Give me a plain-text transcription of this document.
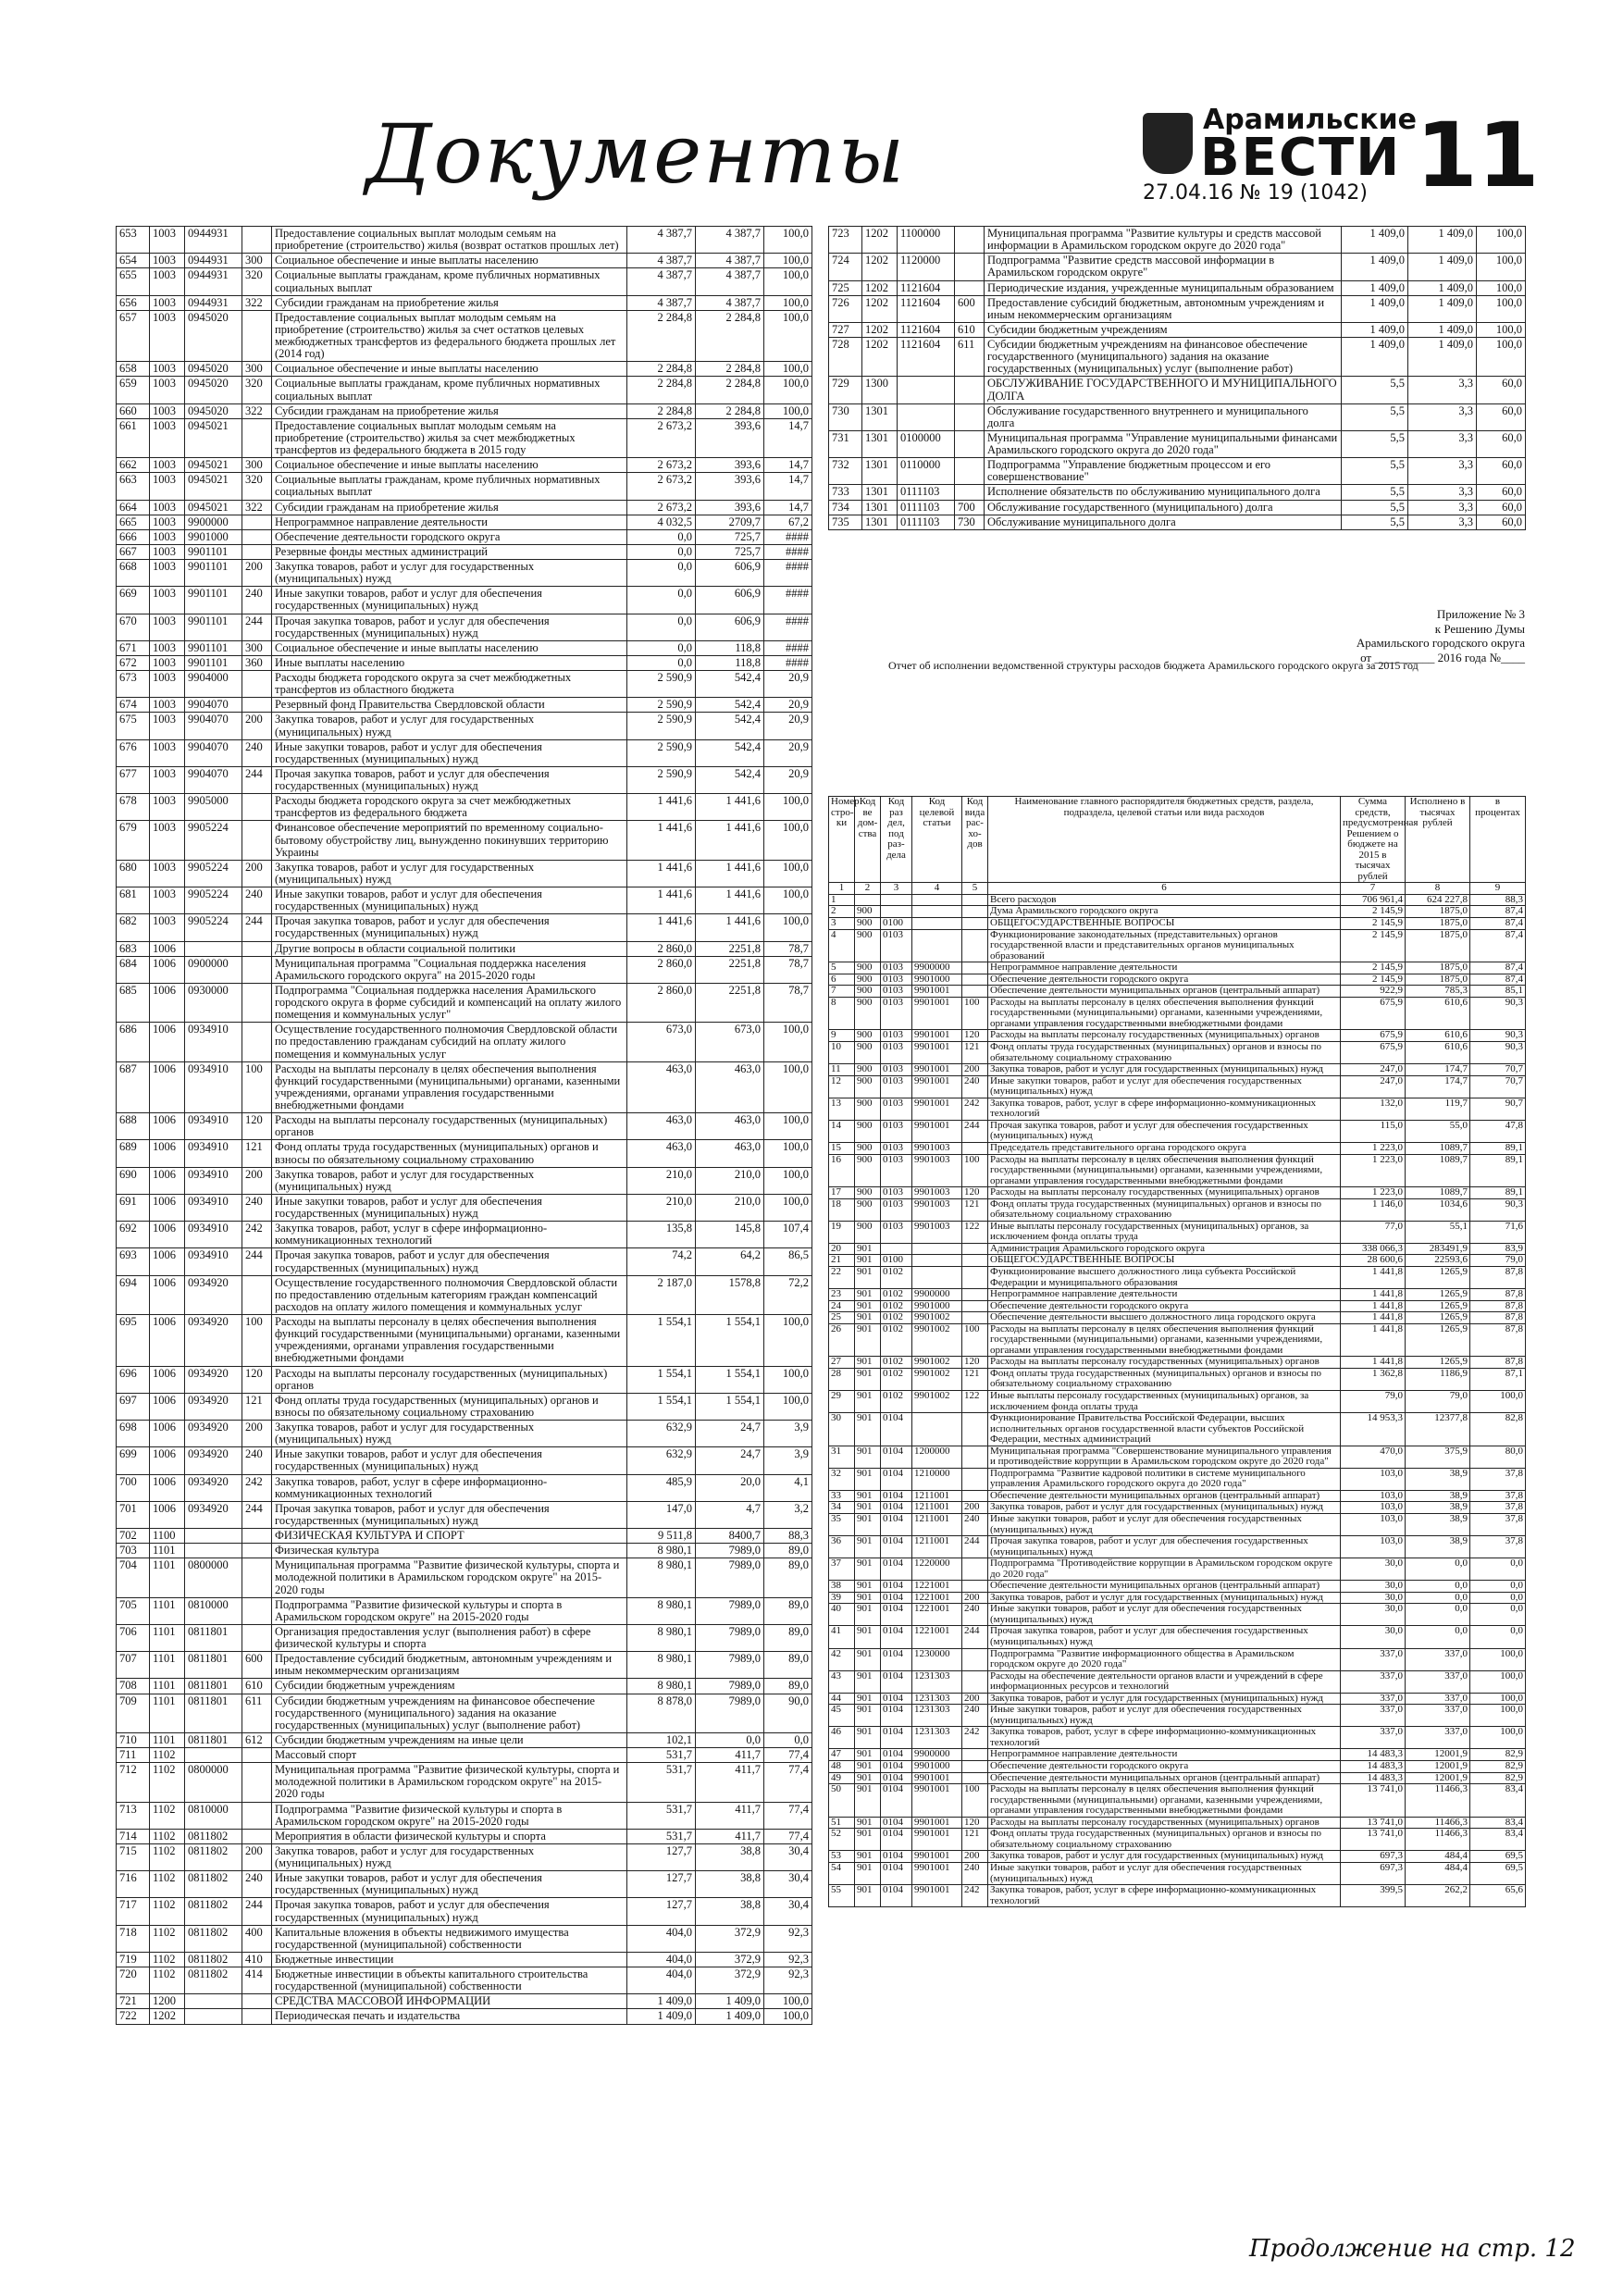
Документы	Арамильские
ВЕСТИ
27.04.16 № 19 (1042) 11
653	1003	0944931		Предоставление социальных выплат молодым семьям на приобретение (строительство) жилья (возврат остатков прошлых лет)	4 387,7	4 387,7	100,0
654	1003	0944931	300	Социальное обеспечение и иные выплаты населению	4 387,7	4 387,7	100,0
655	1003	0944931	320	Социальные выплаты гражданам, кроме публичных нормативных социальных выплат	4 387,7	4 387,7	100,0
656	1003	0944931	322	Субсидии гражданам на приобретение жилья	4 387,7	4 387,7	100,0
657	1003	0945020		Предоставление социальных выплат молодым семьям на приобретение (строительство) жилья за счет остатков целевых межбюджетных трансфертов из федерального бюджета прошлых лет (2014 год)	2 284,8	2 284,8	100,0
658	1003	0945020	300	Социальное обеспечение и иные выплаты населению	2 284,8	2 284,8	100,0
659	1003	0945020	320	Социальные выплаты гражданам, кроме публичных нормативных социальных выплат	2 284,8	2 284,8	100,0
660	1003	0945020	322	Субсидии гражданам на приобретение жилья	2 284,8	2 284,8	100,0
661	1003	0945021		Предоставление социальных выплат молодым семьям на приобретение (строительство) жилья за счет межбюджетных трансфертов из федерального бюджета в 2015 году	2 673,2	393,6	14,7
662	1003	0945021	300	Социальное обеспечение и иные выплаты населению	2 673,2	393,6	14,7
663	1003	0945021	320	Социальные выплаты гражданам, кроме публичных нормативных социальных выплат	2 673,2	393,6	14,7
664	1003	0945021	322	Субсидии гражданам на приобретение жилья	2 673,2	393,6	14,7
665	1003	9900000		Непрограммное направление деятельности	4 032,5	2709,7	67,2
666	1003	9901000		Обеспечение деятельности городского округа	0,0	725,7	####
667	1003	9901101		Резервные фонды местных администраций	0,0	725,7	####
668	1003	9901101	200	Закупка товаров, работ и услуг для государственных (муниципальных) нужд	0,0	606,9	####
669	1003	9901101	240	Иные закупки товаров, работ и услуг для обеспечения государственных (муниципальных) нужд	0,0	606,9	####
670	1003	9901101	244	Прочая закупка товаров, работ и услуг для обеспечения государственных (муниципальных) нужд	0,0	606,9	####
671	1003	9901101	300	Социальное обеспечение и иные выплаты населению	0,0	118,8	####
672	1003	9901101	360	Иные выплаты населению	0,0	118,8	####
673	1003	9904000		Расходы бюджета городского округа за счет межбюджетных трансфертов из областного бюджета	2 590,9	542,4	20,9
674	1003	9904070		Резервный фонд Правительства Свердловской области	2 590,9	542,4	20,9
675	1003	9904070	200	Закупка товаров, работ и услуг для государственных (муниципальных) нужд	2 590,9	542,4	20,9
676	1003	9904070	240	Иные закупки товаров, работ и услуг для обеспечения государственных (муниципальных) нужд	2 590,9	542,4	20,9
677	1003	9904070	244	Прочая закупка товаров, работ и услуг для обеспечения государственных (муниципальных) нужд	2 590,9	542,4	20,9
678	1003	9905000		Расходы бюджета городского округа за счет межбюджетных трансфертов из федерального бюджета	1 441,6	1 441,6	100,0
679	1003	9905224		Финансовое обеспечение мероприятий по временному социально-бытовому обустройству лиц, вынужденно покинувших территорию Украины	1 441,6	1 441,6	100,0
680	1003	9905224	200	Закупка товаров, работ и услуг для государственных (муниципальных) нужд	1 441,6	1 441,6	100,0
681	1003	9905224	240	Иные закупки товаров, работ и услуг для обеспечения государственных (муниципальных) нужд	1 441,6	1 441,6	100,0
682	1003	9905224	244	Прочая закупка товаров, работ и услуг для обеспечения государственных (муниципальных) нужд	1 441,6	1 441,6	100,0
683	1006			Другие вопросы в области социальной политики	2 860,0	2251,8	78,7
684	1006	0900000		Муниципальная программа "Социальная поддержка населения Арамильского городского округа" на 2015-2020 годы	2 860,0	2251,8	78,7
685	1006	0930000		Подпрограмма "Социальная поддержка населения Арамильского городского округа в форме субсидий и компенсаций на оплату жилого помещения и коммунальных услуг"	2 860,0	2251,8	78,7
686	1006	0934910		Осуществление государственного полномочия Свердловской области по предоставлению гражданам субсидий на оплату жилого помещения и коммунальных услуг	673,0	673,0	100,0
687	1006	0934910	100	Расходы на выплаты персоналу в целях обеспечения выполнения функций государственными (муниципальными) органами, казенными учреждениями, органами управления государственными внебюджетными фондами	463,0	463,0	100,0
688	1006	0934910	120	Расходы на выплаты персоналу государственных (муниципальных) органов	463,0	463,0	100,0
689	1006	0934910	121	Фонд оплаты труда государственных (муниципальных) органов и взносы по обязательному социальному страхованию	463,0	463,0	100,0
690	1006	0934910	200	Закупка товаров, работ и услуг для государственных (муниципальных) нужд	210,0	210,0	100,0
691	1006	0934910	240	Иные закупки товаров, работ и услуг для обеспечения государственных (муниципальных) нужд	210,0	210,0	100,0
692	1006	0934910	242	Закупка товаров, работ, услуг в сфере информационно-коммуникационных технологий	135,8	145,8	107,4
693	1006	0934910	244	Прочая закупка товаров, работ и услуг для обеспечения государственных (муниципальных) нужд	74,2	64,2	86,5
694	1006	0934920		Осуществление государственного полномочия Свердловской области по предоставлению отдельным категориям граждан компенсаций расходов на оплату жилого помещения и коммунальных услуг	2 187,0	1578,8	72,2
695	1006	0934920	100	Расходы на выплаты персоналу в целях обеспечения выполнения функций государственными (муниципальными) органами, казенными учреждениями, органами управления государственными внебюджетными фондами	1 554,1	1 554,1	100,0
696	1006	0934920	120	Расходы на выплаты персоналу государственных (муниципальных) органов	1 554,1	1 554,1	100,0
697	1006	0934920	121	Фонд оплаты труда государственных (муниципальных) органов и взносы по обязательному социальному страхованию	1 554,1	1 554,1	100,0
698	1006	0934920	200	Закупка товаров, работ и услуг для государственных (муниципальных) нужд	632,9	24,7	3,9
699	1006	0934920	240	Иные закупки товаров, работ и услуг для обеспечения государственных (муниципальных) нужд	632,9	24,7	3,9
700	1006	0934920	242	Закупка товаров, работ, услуг в сфере информационно-коммуникационных технологий	485,9	20,0	4,1
701	1006	0934920	244	Прочая закупка товаров, работ и услуг для обеспечения государственных (муниципальных) нужд	147,0	4,7	3,2
702	1100			ФИЗИЧЕСКАЯ КУЛЬТУРА И СПОРТ	9 511,8	8400,7	88,3
703	1101			Физическая культура	8 980,1	7989,0	89,0
704	1101	0800000		Муниципальная программа "Развитие физической культуры, спорта и молодежной политики в Арамильском городском округе" на 2015-2020 годы	8 980,1	7989,0	89,0
705	1101	0810000		Подпрограмма "Развитие физической культуры и спорта в Арамильском городском округе" на 2015-2020 годы	8 980,1	7989,0	89,0
706	1101	0811801		Организация предоставления услуг (выполнения работ) в сфере физической культуры и спорта	8 980,1	7989,0	89,0
707	1101	0811801	600	Предоставление субсидий бюджетным, автономным учреждениям и иным некоммерческим организациям	8 980,1	7989,0	89,0
708	1101	0811801	610	Субсидии бюджетным учреждениям	8 980,1	7989,0	89,0
709	1101	0811801	611	Субсидии бюджетным учреждениям на финансовое обеспечение государственного (муниципального) задания на оказание государственных (муниципальных) услуг (выполнение работ)	8 878,0	7989,0	90,0
710	1101	0811801	612	Субсидии бюджетным учреждениям на иные цели	102,1	0,0	0,0
711	1102			Массовый спорт	531,7	411,7	77,4
712	1102	0800000		Муниципальная программа "Развитие физической культуры, спорта и молодежной политики в Арамильском городском округе" на 2015-2020 годы	531,7	411,7	77,4
713	1102	0810000		Подпрограмма "Развитие физической культуры и спорта в Арамильском городском округе" на 2015-2020 годы	531,7	411,7	77,4
714	1102	0811802		Мероприятия в области физической культуры и спорта	531,7	411,7	77,4
715	1102	0811802	200	Закупка товаров, работ и услуг для государственных (муниципальных) нужд	127,7	38,8	30,4
716	1102	0811802	240	Иные закупки товаров, работ и услуг для обеспечения государственных (муниципальных) нужд	127,7	38,8	30,4
717	1102	0811802	244	Прочая закупка товаров, работ и услуг для обеспечения государственных (муниципальных) нужд	127,7	38,8	30,4
718	1102	0811802	400	Капитальные вложения в объекты недвижимого имущества государственной (муниципальной) собственности	404,0	372,9	92,3
719	1102	0811802	410	Бюджетные инвестиции	404,0	372,9	92,3
720	1102	0811802	414	Бюджетные инвестиции в объекты капитального строительства государственной (муниципальной) собственности	404,0	372,9	92,3
721	1200			СРЕДСТВА МАССОВОЙ ИНФОРМАЦИИ	1 409,0	1 409,0	100,0
722	1202			Периодическая печать и издательства	1 409,0	1 409,0	100,0
723	1202	1100000		Муниципальная программа "Развитие культуры и средств массовой информации в Арамильском городском округе до 2020 года"	1 409,0	1 409,0	100,0
724	1202	1120000		Подпрограмма "Развитие средств массовой информации в Арамильском городском округе"	1 409,0	1 409,0	100,0
725	1202	1121604		Периодические издания, учрежденные муниципальным образованием	1 409,0	1 409,0	100,0
726	1202	1121604	600	Предоставление субсидий бюджетным, автономным учреждениям и иным некоммерческим организациям	1 409,0	1 409,0	100,0
727	1202	1121604	610	Субсидии бюджетным учреждениям	1 409,0	1 409,0	100,0
728	1202	1121604	611	Субсидии бюджетным учреждениям на финансовое обеспечение государственного (муниципального) задания на оказание государственных (муниципальных) услуг (выполнение работ)	1 409,0	1 409,0	100,0
729	1300			ОБСЛУЖИВАНИЕ ГОСУДАРСТВЕННОГО И МУНИЦИПАЛЬНОГО ДОЛГА	5,5	3,3	60,0
730	1301			Обслуживание государственного внутреннего и муниципального долга	5,5	3,3	60,0
731	1301	0100000		Муниципальная программа "Управление муниципальными финансами Арамильского городского округа до 2020 года"	5,5	3,3	60,0
732	1301	0110000		Подпрограмма "Управление бюджетным процессом и его совершенствование"	5,5	3,3	60,0
733	1301	0111103		Исполнение обязательств по обслуживанию муниципального долга	5,5	3,3	60,0
734	1301	0111103	700	Обслуживание государственного (муниципального) долга	5,5	3,3	60,0
735	1301	0111103	730	Обслуживание муниципального долга	5,5	3,3	60,0
Приложение № 3
к Решению Думы
Арамильского городского округа
от __________ 2016 года №____
Отчет об исполнении ведомственной структуры расходов бюджета Арамильского городского округа за 2015 год
Номер стро-ки	Код ве дом-ства	Код раз дел, под раз-дела	Код целевой статьи	Код вида рас-хо-дов	Наименование главного распорядителя бюджетных средств, раздела, подраздела, целевой статьи или вида расходов	Сумма средств, предусмотренная Решением о бюджете на 2015 в тысячах рублей	Исполнено в тысячах рублей	в процентах
1	2	3	4	5	6	7	8	9
1					Всего расходов	706 961,4	624 227,8	88,3
2	900				Дума Арамильского городского округа	2 145,9	1875,0	87,4
3	900	0100			ОБЩЕГОСУДАРСТВЕННЫЕ ВОПРОСЫ	2 145,9	1875,0	87,4
4	900	0103			Функционирование законодательных (представительных) органов государственной власти и представительных органов муниципальных образований	2 145,9	1875,0	87,4
5	900	0103	9900000		Непрограммное направление деятельности	2 145,9	1875,0	87,4
6	900	0103	9901000		Обеспечение деятельности городского округа	2 145,9	1875,0	87,4
7	900	0103	9901001		Обеспечение деятельности муниципальных органов (центральный аппарат)	922,9	785,3	85,1
8	900	0103	9901001	100	Расходы на выплаты персоналу в целях обеспечения выполнения функций государственными (муниципальными) органами, казенными учреждениями, органами управления государственными внебюджетными фондами	675,9	610,6	90,3
9	900	0103	9901001	120	Расходы на выплаты персоналу государственных (муниципальных) органов	675,9	610,6	90,3
10	900	0103	9901001	121	Фонд оплаты труда государственных (муниципальных) органов и взносы по обязательному социальному страхованию	675,9	610,6	90,3
11	900	0103	9901001	200	Закупка товаров, работ и услуг для государственных (муниципальных) нужд	247,0	174,7	70,7
12	900	0103	9901001	240	Иные закупки товаров, работ и услуг для обеспечения государственных (муниципальных) нужд	247,0	174,7	70,7
13	900	0103	9901001	242	Закупка товаров, работ, услуг в сфере информационно-коммуникационных технологий	132,0	119,7	90,7
14	900	0103	9901001	244	Прочая закупка товаров, работ и услуг для обеспечения государственных (муниципальных) нужд	115,0	55,0	47,8
15	900	0103	9901003		Председатель представительного органа городского округа	1 223,0	1089,7	89,1
16	900	0103	9901003	100	Расходы на выплаты персоналу в целях обеспечения выполнения функций государственными (муниципальными) органами, казенными учреждениями, органами управления государственными внебюджетными фондами	1 223,0	1089,7	89,1
17	900	0103	9901003	120	Расходы на выплаты персоналу государственных (муниципальных) органов	1 223,0	1089,7	89,1
18	900	0103	9901003	121	Фонд оплаты труда государственных (муниципальных) органов и взносы по обязательному социальному страхованию	1 146,0	1034,6	90,3
19	900	0103	9901003	122	Иные выплаты персоналу государственных (муниципальных) органов, за исключением фонда оплаты труда	77,0	55,1	71,6
20	901				Администрация Арамильского городского округа	338 066,3	283491,9	83,9
21	901	0100			ОБЩЕГОСУДАРСТВЕННЫЕ ВОПРОСЫ	28 600,6	22593,6	79,0
22	901	0102			Функционирование высшего должностного лица субъекта Российской Федерации и муниципального образования	1 441,8	1265,9	87,8
23	901	0102	9900000		Непрограммное направление деятельности	1 441,8	1265,9	87,8
24	901	0102	9901000		Обеспечение деятельности городского округа	1 441,8	1265,9	87,8
25	901	0102	9901002		Обеспечение деятельности высшего должностного лица городского округа	1 441,8	1265,9	87,8
26	901	0102	9901002	100	Расходы на выплаты персоналу в целях обеспечения выполнения функций государственными (муниципальными) органами, казенными учреждениями, органами управления государственными внебюджетными фондами	1 441,8	1265,9	87,8
27	901	0102	9901002	120	Расходы на выплаты персоналу государственных (муниципальных) органов	1 441,8	1265,9	87,8
28	901	0102	9901002	121	Фонд оплаты труда государственных (муниципальных) органов и взносы по обязательному социальному страхованию	1 362,8	1186,9	87,1
29	901	0102	9901002	122	Иные выплаты персоналу государственных (муниципальных) органов, за исключением фонда оплаты труда	79,0	79,0	100,0
30	901	0104			Функционирование Правительства Российской Федерации, высших исполнительных органов государственной власти субъектов Российской Федерации, местных администраций	14 953,3	12377,8	82,8
31	901	0104	1200000		Муниципальная программа "Совершенствование муниципального управления и противодействие коррупции в Арамильском городском округе до 2020 года"	470,0	375,9	80,0
32	901	0104	1210000		Подпрограмма "Развитие кадровой политики в системе муниципального управления Арамильского городского округа до 2020 года"	103,0	38,9	37,8
33	901	0104	1211001		Обеспечение деятельности муниципальных органов (центральный аппарат)	103,0	38,9	37,8
34	901	0104	1211001	200	Закупка товаров, работ и услуг для государственных (муниципальных) нужд	103,0	38,9	37,8
35	901	0104	1211001	240	Иные закупки товаров, работ и услуг для обеспечения государственных (муниципальных) нужд	103,0	38,9	37,8
36	901	0104	1211001	244	Прочая закупка товаров, работ и услуг для обеспечения государственных (муниципальных) нужд	103,0	38,9	37,8
37	901	0104	1220000		Подпрограмма "Противодействие коррупции в Арамильском городском округе до 2020 года"	30,0	0,0	0,0
38	901	0104	1221001		Обеспечение деятельности муниципальных органов (центральный аппарат)	30,0	0,0	0,0
39	901	0104	1221001	200	Закупка товаров, работ и услуг для государственных (муниципальных) нужд	30,0	0,0	0,0
40	901	0104	1221001	240	Иные закупки товаров, работ и услуг для обеспечения государственных (муниципальных) нужд	30,0	0,0	0,0
41	901	0104	1221001	244	Прочая закупка товаров, работ и услуг для обеспечения государственных (муниципальных) нужд	30,0	0,0	0,0
42	901	0104	1230000		Подпрограмма "Развитие информационного общества в Арамильском городском округе до 2020 года"	337,0	337,0	100,0
43	901	0104	1231303		Расходы на обеспечение деятельности органов власти и учреждений в сфере информационных ресурсов и технологий	337,0	337,0	100,0
44	901	0104	1231303	200	Закупка товаров, работ и услуг для государственных (муниципальных) нужд	337,0	337,0	100,0
45	901	0104	1231303	240	Иные закупки товаров, работ и услуг для обеспечения государственных (муниципальных) нужд	337,0	337,0	100,0
46	901	0104	1231303	242	Закупка товаров, работ, услуг в сфере информационно-коммуникационных технологий	337,0	337,0	100,0
47	901	0104	9900000		Непрограммное направление деятельности	14 483,3	12001,9	82,9
48	901	0104	9901000		Обеспечение деятельности городского округа	14 483,3	12001,9	82,9
49	901	0104	9901001		Обеспечение деятельности муниципальных органов (центральный аппарат)	14 483,3	12001,9	82,9
50	901	0104	9901001	100	Расходы на выплаты персоналу в целях обеспечения выполнения функций государственными (муниципальными) органами, казенными учреждениями, органами управления государственными внебюджетными фондами	13 741,0	11466,3	83,4
51	901	0104	9901001	120	Расходы на выплаты персоналу государственных (муниципальных) органов	13 741,0	11466,3	83,4
52	901	0104	9901001	121	Фонд оплаты труда государственных (муниципальных) органов и взносы по обязательному социальному страхованию	13 741,0	11466,3	83,4
53	901	0104	9901001	200	Закупка товаров, работ и услуг для государственных (муниципальных) нужд	697,3	484,4	69,5
54	901	0104	9901001	240	Иные закупки товаров, работ и услуг для обеспечения государственных (муниципальных) нужд	697,3	484,4	69,5
55	901	0104	9901001	242	Закупка товаров, работ, услуг в сфере информационно-коммуникационных технологий	399,5	262,2	65,6
Продолжение на стр. 12
